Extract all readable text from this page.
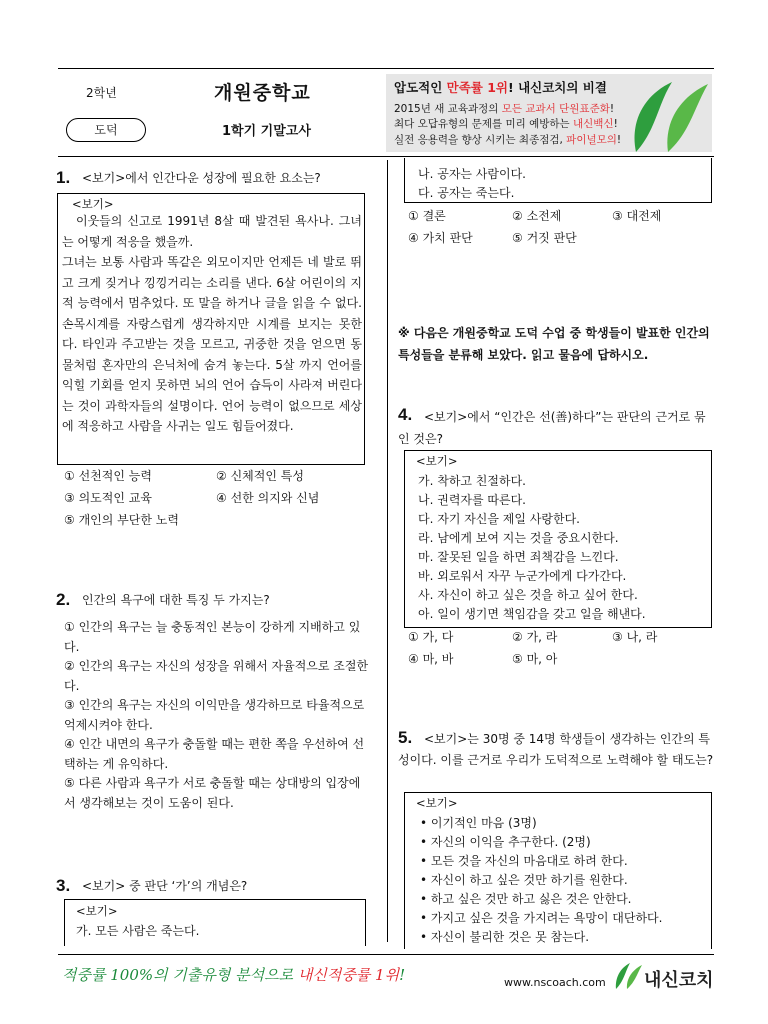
2학년	개원중학교
도덕	1학기 기말고사
압도적인 만족률 1위! 내신코치의 비결
2015년 새 교육과정의 모든 교과서 단원표준화!
최다 오답유형의 문제를 미리 예방하는 내신백신!
실전 응용력을 향상 시키는 최종점검, 파이널모의!
1. <보기>에서 인간다운 성장에 필요한 요소는?
<보기>
이웃들의 신고로 1991년 8살 때 발견된 욕사나. 그녀는 어떻게 적응을 했을까.
그녀는 보통 사람과 똑같은 외모이지만 언제든 네 발로 뛰고 크게 짖거나 낑낑거리는 소리를 낸다. 6살 어린이의 지적 능력에서 멈추었다. 또 말을 하거나 글을 읽을 수 없다. 손목시계를 자랑스럽게 생각하지만 시계를 보지는 못한다. 타인과 주고받는 것을 모르고, 귀중한 것을 얻으면 동물처럼 혼자만의 은닉처에 숨겨 놓는다. 5살 까지 언어를 익힐 기회를 얻지 못하면 뇌의 언어 습득이 사라져 버린다는 것이 과학자들의 설명이다. 언어 능력이 없으므로 세상에 적응하고 사람을 사귀는 일도 힘들어졌다.
① 선천적인 능력	② 신체적인 특성
③ 의도적인 교육	④ 선한 의지와 신념
⑤ 개인의 부단한 노력
2. 인간의 욕구에 대한 특징 두 가지는?
① 인간의 욕구는 늘 충동적인 본능이 강하게 지배하고 있다.
② 인간의 욕구는 자신의 성장을 위해서 자율적으로 조절한다.
③ 인간의 욕구는 자신의 이익만을 생각하므로 타율적으로 억제시켜야 한다.
④ 인간 내면의 욕구가 충돌할 때는 편한 쪽을 우선하여 선택하는 게 유익하다.
⑤ 다른 사람과 욕구가 서로 충돌할 때는 상대방의 입장에서 생각해보는 것이 도움이 된다.
3. <보기> 중 판단 ‘가’의 개념은?
<보기>
가. 모든 사람은 죽는다.
나. 공자는 사람이다.
다. 공자는 죽는다.
① 결론	② 소전제	③ 대전제
④ 가치 판단	⑤ 거짓 판단
※ 다음은 개원중학교 도덕 수업 중 학생들이 발표한 인간의 특성들을 분류해 보았다. 읽고 물음에 답하시오.
4. <보기>에서 “인간은 선(善)하다”는 판단의 근거로 묶인 것은?
<보기>
가. 착하고 친절하다.
나. 권력자를 따른다.
다. 자기 자신을 제일 사랑한다.
라. 남에게 보여 지는 것을 중요시한다.
마. 잘못된 일을 하면 죄책감을 느낀다.
바. 외로워서 자꾸 누군가에게 다가간다.
사. 자신이 하고 싶은 것을 하고 싶어 한다.
아. 일이 생기면 책임감을 갖고 일을 해낸다.
① 가, 다	② 가, 라	③ 나, 라
④ 마, 바	⑤ 마, 아
5. <보기>는 30명 중 14명 학생들이 생각하는 인간의 특성이다. 이를 근거로 우리가 도덕적으로 노력해야 할 태도는?
<보기>
• 이기적인 마음 (3명)
• 자신의 이익을 추구한다. (2명)
• 모든 것을 자신의 마음대로 하려 한다.
• 자신이 하고 싶은 것만 하기를 원한다.
• 하고 싶은 것만 하고 싫은 것은 안한다.
• 가지고 싶은 것을 가지려는 욕망이 대단하다.
• 자신이 불리한 것은 못 참는다.
적중률 100%의 기출유형 분석으로 내신적중률 1위!	www.nscoach.com 내신코치
